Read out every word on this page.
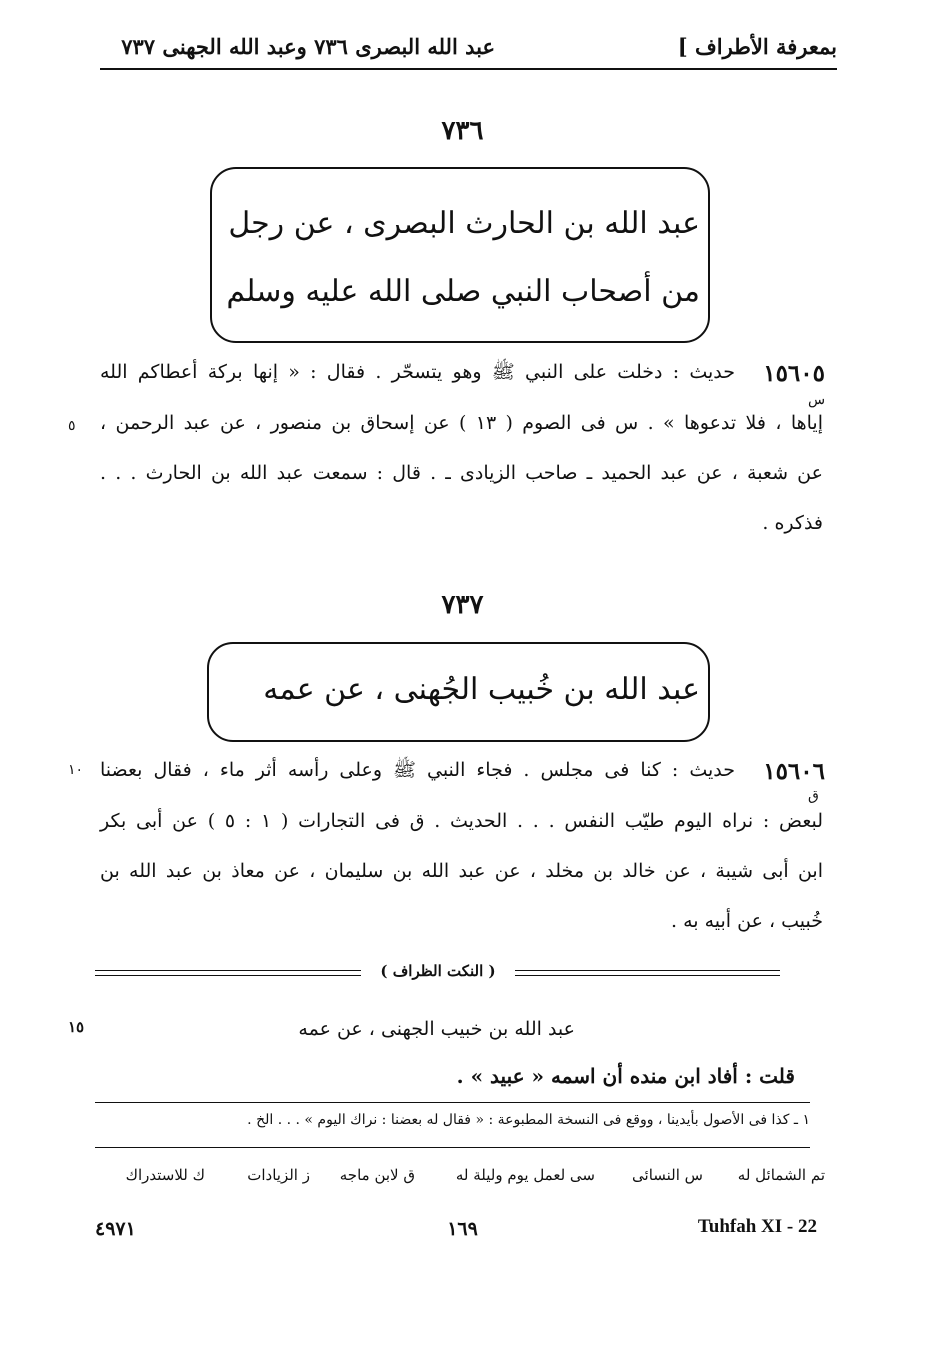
بمعرفة الأطراف ]
عبد الله البصرى ٧٣٦ وعبد الله الجهنى ٧٣٧
٧٣٦
عبد الله بن الحارث البصرى ، عن رجل
من أصحاب النبي صلى الله عليه وسلم
١٥٦٠٥
حديث : دخلت على النبي ﷺ وهو يتسحّر . فقال : « إنها بركة أعطاكم الله
إياها ، فلا تدعوها » . س فى الصوم ( ١٣ ) عن إسحاق بن منصور ، عن عبد الرحمن ،
عن شعبة ، عن عبد الحميد ـ صاحب الزيادى ـ . قال : سمعت عبد الله بن الحارث . . .
فذكره .
س
٥
٧٣٧
عبد الله بن خُبيب الجُهنى ، عن عمه
١٥٦٠٦
حديث : كنا فى مجلس . فجاء النبي ﷺ وعلى رأسه أثر ماء ، فقال بعضنا
لبعض : نراه اليوم طيّب النفس . . . الحديث . ق فى التجارات ( ١ : ٥ ) عن أبى بكر
ابن أبى شيبة ، عن خالد بن مخلد ، عن عبد الله بن سليمان ، عن معاذ بن عبد الله بن
خُبيب ، عن أبيه به .
ق
١٠
( النكت الظراف )
عبد الله بن خبيب الجهنى ، عن عمه
١٥
قلت : أفاد ابن منده أن اسمه « عبيد » .
١ ـ كذا فى الأصول بأيدينا ، ووقع فى النسخة المطبوعة : « فقال له بعضنا : نراك اليوم » . . . الخ .
تم الشمائل له
س النسائى
سى لعمل يوم وليلة له
ق لابن ماجه
ز الزيادات
ك للاستدراك
٤٩٧١	١٦٩	Tuhfah XI - 22
